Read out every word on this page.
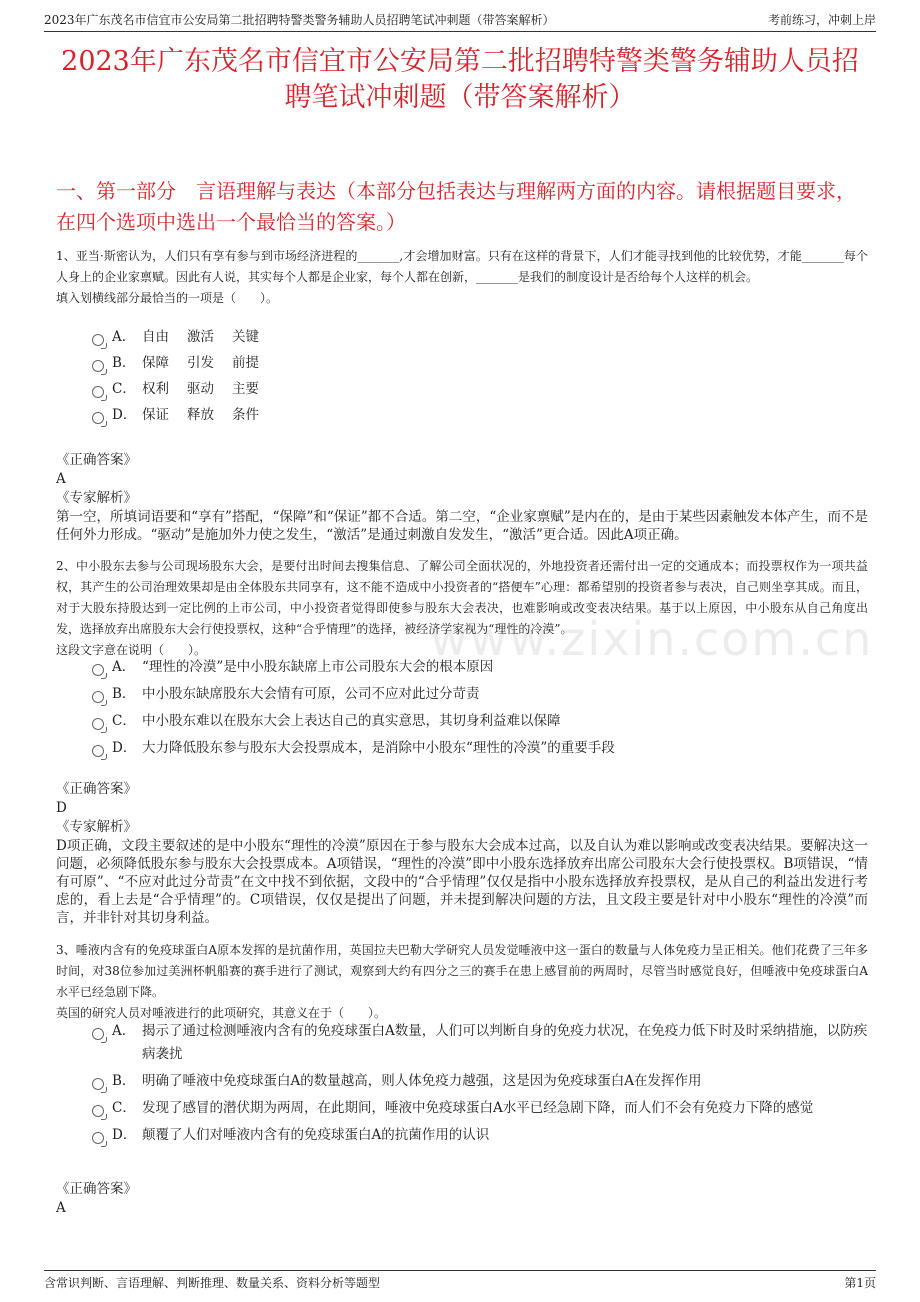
2023年广东茂名市信宜市公安局第二批招聘特警类警务辅助人员招聘笔试冲刺题（带答案解析）	考前练习，冲刺上岸
2023年广东茂名市信宜市公安局第二批招聘特警类警务辅助人员招聘笔试冲刺题（带答案解析）
一、第一部分　言语理解与表达（本部分包括表达与理解两方面的内容。请根据题目要求，在四个选项中选出一个最恰当的答案。）
www.zixin.com.cn

1、亚当·斯密认为，人们只有享有参与到市场经济进程的_______,才会增加财富。只有在这样的背景下，人们才能寻找到他的比较优势，才能_______每个人身上的企业家禀赋。因此有人说，其实每个人都是企业家，每个人都在创新，_______是我们的制度设计是否给每个人这样的机会。

填入划横线部分最恰当的一项是（　　）。

A． 自由 激活 关键
B． 保障 引发 前提
C． 权利 驱动 主要
D． 保证 释放 条件
《正确答案》
A
《专家解析》
第一空，所填词语要和“享有”搭配，“保障”和“保证”都不合适。第二空，“企业家禀赋”是内在的，是由于某些因素触发本体产生，而不是任何外力形成。“驱动”是施加外力使之发生，“激活”是通过刺激自发发生，“激活”更合适。因此A项正确。

2、中小股东去参与公司现场股东大会，是要付出时间去搜集信息、了解公司全面状况的，外地投资者还需付出一定的交通成本；而投票权作为一项共益权，其产生的公司治理效果却是由全体股东共同享有，这不能不造成中小投资者的“搭便车”心理：都希望别的投资者参与表决，自己则坐享其成。而且，对于大股东持股达到一定比例的上市公司，中小投资者觉得即使参与股东大会表决，也难影响或改变表决结果。基于以上原因，中小股东从自己角度出发，选择放弃出席股东大会行使投票权，这种“合乎情理”的选择，被经济学家视为“理性的冷漠”。

这段文字意在说明（　　）。

A． “理性的冷漠”是中小股东缺席上市公司股东大会的根本原因
B． 中小股东缺席股东大会情有可原，公司不应对此过分苛责
C． 中小股东难以在股东大会上表达自己的真实意思，其切身利益难以保障
D． 大力降低股东参与股东大会投票成本，是消除中小股东“理性的冷漠”的重要手段
《正确答案》
D
《专家解析》
D项正确，文段主要叙述的是中小股东“理性的冷漠”原因在于参与股东大会成本过高，以及自认为难以影响或改变表决结果。要解决这一问题，必须降低股东参与股东大会投票成本。A项错误，“理性的冷漠”即中小股东选择放弃出席公司股东大会行使投票权。B项错误，“情有可原”、“不应对此过分苛责”在文中找不到依据，文段中的“合乎情理”仅仅是指中小股东选择放弃投票权，是从自己的利益出发进行考虑的，看上去是“合乎情理”的。C项错误，仅仅是提出了问题，并未提到解决问题的方法，且文段主要是针对中小股东“理性的冷漠”而言，并非针对其切身利益。

3、唾液内含有的免疫球蛋白A原本发挥的是抗菌作用，英国拉夫巴勒大学研究人员发觉唾液中这一蛋白的数量与人体免疫力呈正相关。他们花费了三年多时间，对38位参加过美洲杯帆船赛的赛手进行了测试，观察到大约有四分之三的赛手在患上感冒前的两周时，尽管当时感觉良好，但唾液中免疫球蛋白A水平已经急剧下降。

英国的研究人员对唾液进行的此项研究，其意义在于（　　）。

A． 揭示了通过检测唾液内含有的免疫球蛋白A数量，人们可以判断自身的免疫力状况，在免疫力低下时及时采纳措施，以防疾病袭扰
B． 明确了唾液中免疫球蛋白A的数量越高，则人体免疫力越强，这是因为免疫球蛋白A在发挥作用
C． 发现了感冒的潜伏期为两周，在此期间，唾液中免疫球蛋白A水平已经急剧下降，而人们不会有免疫力下降的感觉
D． 颠覆了人们对唾液内含有的免疫球蛋白A的抗菌作用的认识
《正确答案》
A
含常识判断、言语理解、判断推理、数量关系、资料分析等题型	第1页
